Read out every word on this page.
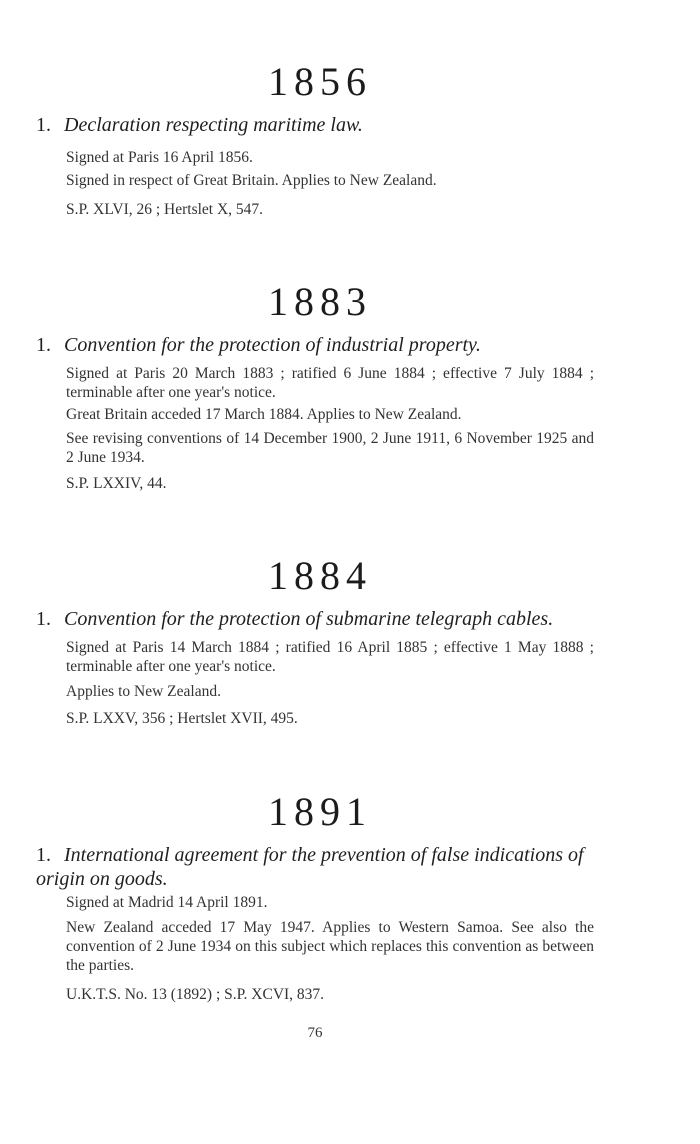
1856

1. Declaration respecting maritime law.

Signed at Paris 16 April 1856.

Signed in respect of Great Britain. Applies to New Zealand.

S.P. XLVI, 26 ; Hertslet X, 547.

1883

1. Convention for the protection of industrial property.

Signed at Paris 20 March 1883 ; ratified 6 June 1884 ; effective 7 July 1884 ; terminable after one year's notice.

Great Britain acceded 17 March 1884. Applies to New Zealand.

See revising conventions of 14 December 1900, 2 June 1911, 6 November 1925 and 2 June 1934.

S.P. LXXIV, 44.

1884

1. Convention for the protection of submarine telegraph cables.

Signed at Paris 14 March 1884 ; ratified 16 April 1885 ; effective 1 May 1888 ; terminable after one year's notice.

Applies to New Zealand.

S.P. LXXV, 356 ; Hertslet XVII, 495.

1891

1. International agreement for the prevention of false indications of origin on goods.

Signed at Madrid 14 April 1891.

New Zealand acceded 17 May 1947. Applies to Western Samoa. See also the convention of 2 June 1934 on this subject which replaces this convention as between the parties.

U.K.T.S. No. 13 (1892) ; S.P. XCVI, 837.

76
